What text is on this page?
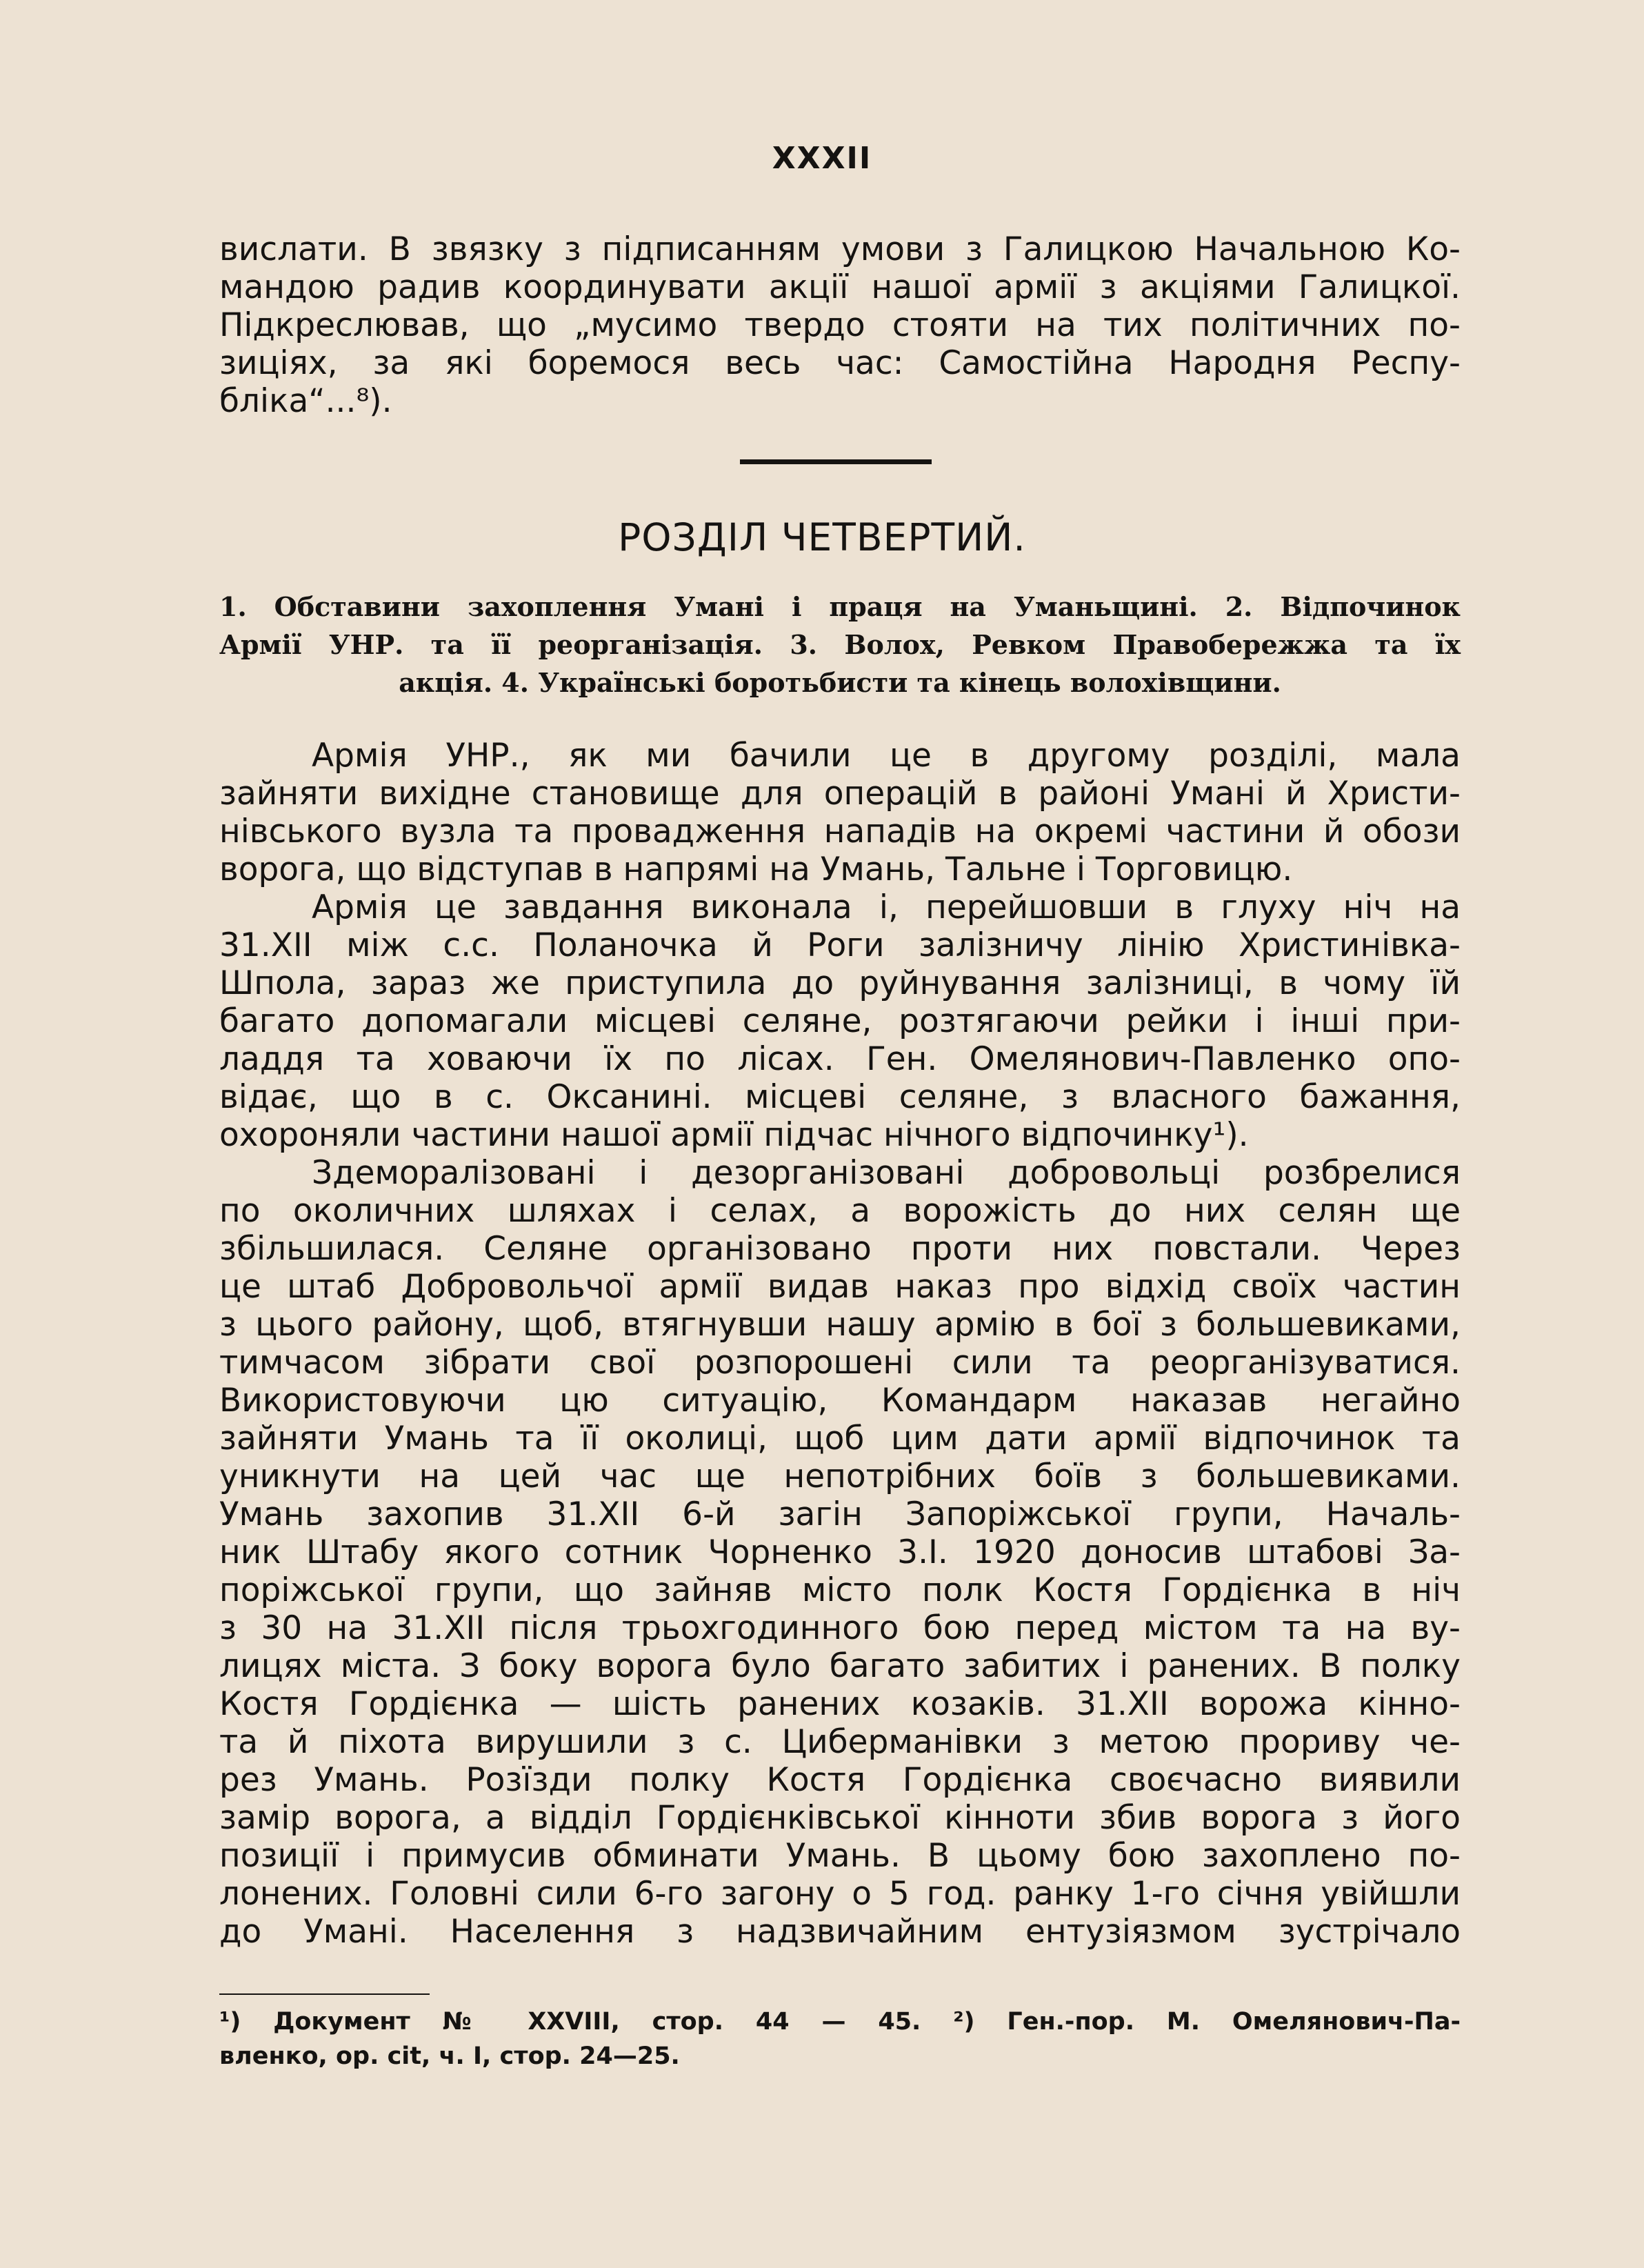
XXXII
вислати. В звязку з підписанням умови з Галицкою Начальною Ко-
мандою радив координувати акції нашої армії з акціями Галицкої.
Підкреслював, що „мусимо твердо стояти на тих політичних по-
зиціях, за які боремося весь час: Самостійна Народня Респу-
бліка“...⁸).
РОЗДІЛ ЧЕТВЕРТИЙ.
1. Обставини захоплення Умані і праця на Уманьщині. 2. Відпочинок
Армії УНР. та її реорганізація. 3. Волох, Ревком Правобережжа та їх
акція. 4. Українські боротьбисти та кінець волохівщини.
Армія УНР., як ми бачили це в другому розділі, мала
зайняти вихідне становище для операцій в районі Умані й Христи-
нівського вузла та провадження нападів на окремі частини й обози
ворога, що відступав в напрямі на Умань, Тальне і Торговицю.
Армія це завдання виконала і, перейшовши в глуху ніч на
31.XII між с.с. Поланочка й Роги залізничу лінію Христинівка-
Шпола, зараз же приступила до руйнування залізниці, в чому їй
багато допомагали місцеві селяне, розтягаючи рейки і інші при-
ладдя та ховаючи їх по лісах. Ген. Омелянович-Павленко опо-
відає, що в с. Оксанині. місцеві селяне, з власного бажання,
охороняли частини нашої армії підчас нічного відпочинку¹).
Здеморалізовані і дезорганізовані добровольці розбрелися
по околичних шляхах і селах, а ворожість до них селян ще
збільшилася. Селяне організовано проти них повстали. Через
це штаб Добровольчої армії видав наказ про відхід своїх частин
з цього району, щоб, втягнувши нашу армію в бої з большевиками,
тимчасом зібрати свої розпорошені сили та реорганізуватися.
Використовуючи цю ситуацію, Командарм наказав негайно
зайняти Умань та її околиці, щоб цим дати армії відпочинок та
уникнути на цей час ще непотрібних боїв з большевиками.
Умань захопив 31.XII 6-й загін Запоріжської групи, Началь-
ник Штабу якого сотник Чорненко 3.I. 1920 доносив штабові За-
поріжської групи, що зайняв місто полк Костя Гордієнка в ніч
з 30 на 31.XII після трьохгодинного бою перед містом та на ву-
лицях міста. З боку ворога було багато забитих і ранених. В полку
Костя Гордієнка — шість ранених козаків. 31.XII ворожа кінно-
та й піхота вирушили з с. Циберманівки з метою прориву че-
рез Умань. Розїзди полку Костя Гордієнка своєчасно виявили
замір ворога, а відділ Гордієнківської кінноти збив ворога з його
позиції і примусив обминати Умань. В цьому бою захоплено по-
лонених. Головні сили 6-го загону о 5 год. ранку 1-го січня увійшли
до Умані. Населення з надзвичайним ентузіязмом зустрічало
¹) Документ № XXVIII, стор. 44 — 45. ²) Ген.-пор. М. Омелянович-Па-
вленко, ор. cit, ч. I, стор. 24—25.
